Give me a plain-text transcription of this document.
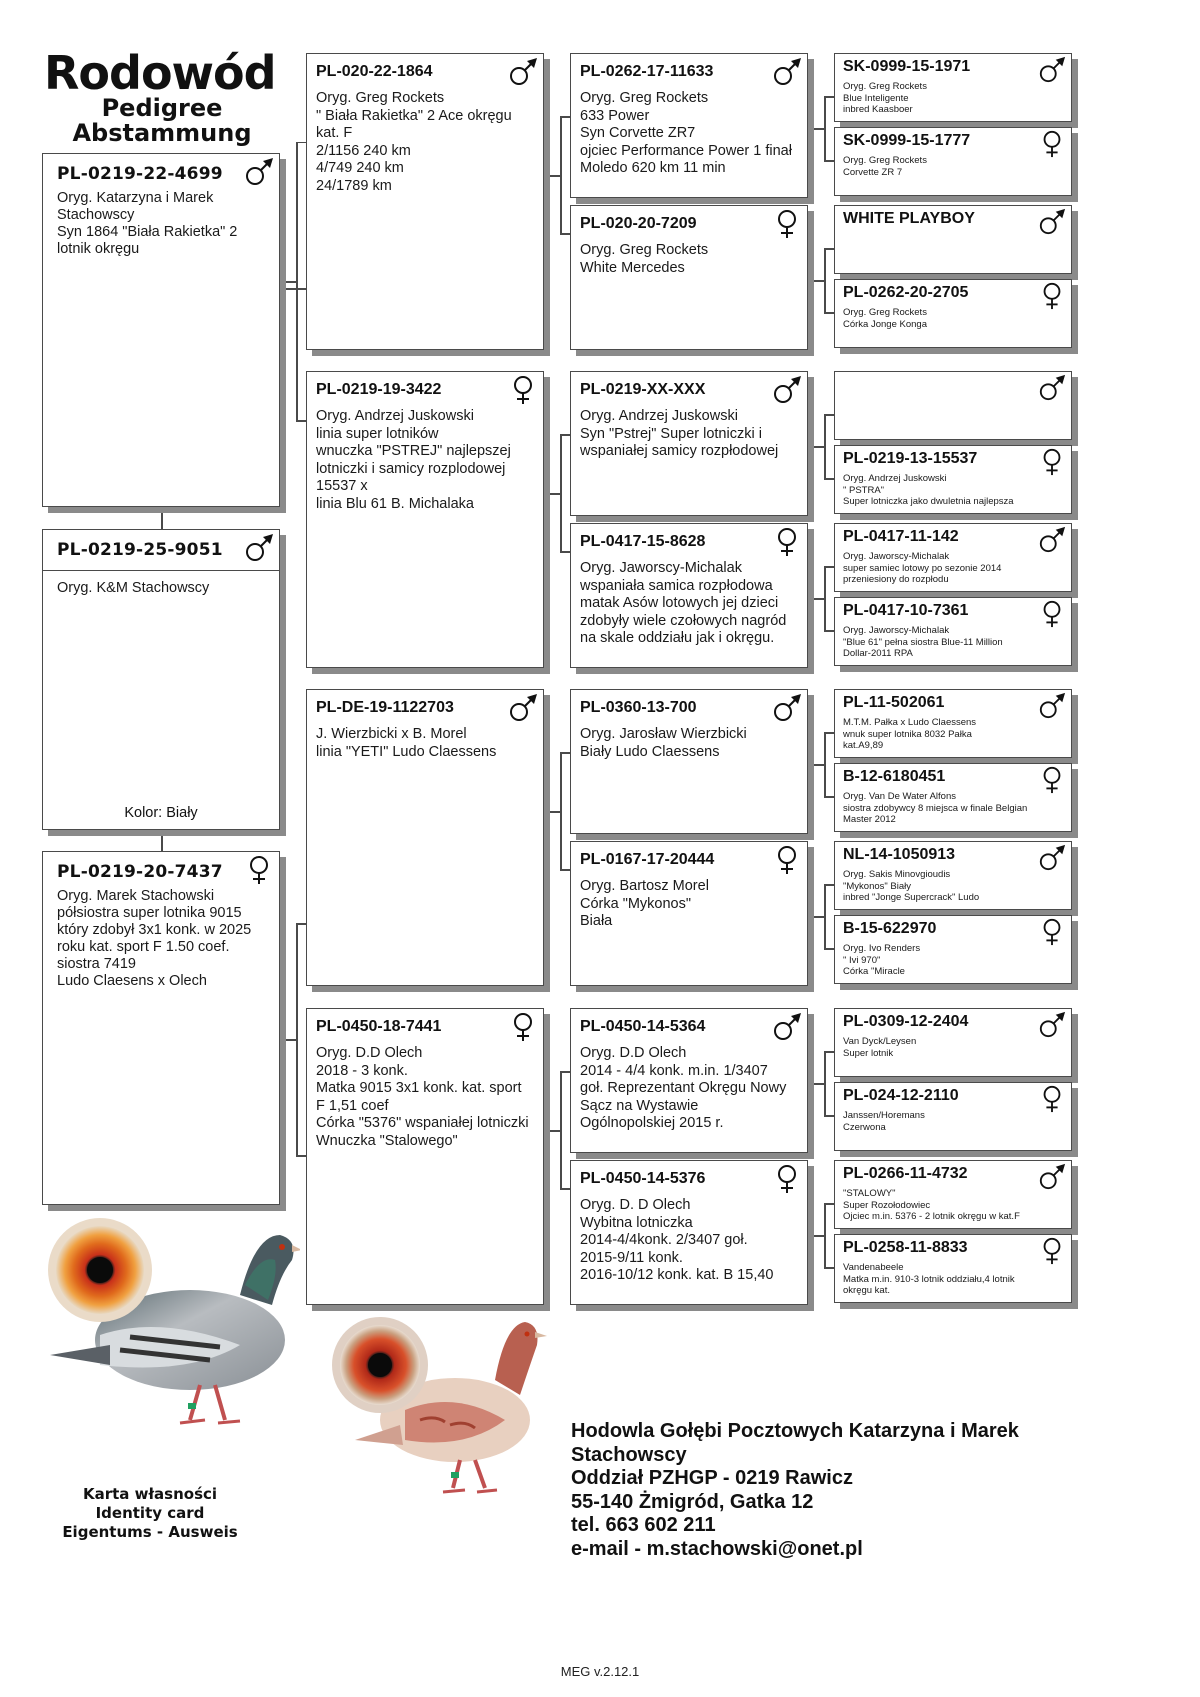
Rodowód
Pedigree
Abstammung
PL-0219-22-4699
Oryg. Katarzyna i Marek
Stachowscy
Syn 1864 "Biała Rakietka" 2
lotnik okręgu
PL-0219-25-9051
Oryg. K&M Stachowscy
Kolor: Biały
PL-0219-20-7437
Oryg. Marek Stachowski
półsiostra super lotnika 9015
który zdobył 3x1 konk. w 2025
roku kat. sport F 1.50 coef.
siostra 7419
Ludo Claesens x Olech
Karta własności
Identity card
Eigentums - Ausweis
Hodowla Gołębi Pocztowych Katarzyna i Marek
Stachowscy
Oddział PZHGP - 0219 Rawicz
55-140 Żmigród, Gatka 12
tel. 663 602 211
e-mail - m.stachowski@onet.pl
MEG v.2.12.1
PL-020-22-1864
Oryg. Greg Rockets
" Biała Rakietka" 2 Ace okręgu
kat. F
2/1156 240 km
4/749 240 km
24/1789 km
PL-0219-19-3422
Oryg. Andrzej Juskowski
linia super lotników
wnuczka "PSTREJ" najlepszej
lotniczki i samicy rozplodowej
15537 x
linia Blu 61 B. Michalaka
PL-DE-19-1122703
J. Wierzbicki x B. Morel
linia "YETI" Ludo Claessens
PL-0450-18-7441
Oryg. D.D Olech
2018 - 3 konk.
Matka 9015 3x1 konk. kat. sport
F 1,51 coef
Córka "5376" wspaniałej lotniczki
Wnuczka "Stalowego"
PL-0262-17-11633
Oryg. Greg Rockets
633 Power
Syn Corvette ZR7
ojciec Performance Power 1 finał
Moledo 620 km 11 min
PL-020-20-7209
Oryg. Greg Rockets
White Mercedes
PL-0219-XX-XXX
Oryg. Andrzej Juskowski
Syn "Pstrej" Super lotniczki i
wspaniałej samicy rozpłodowej
PL-0417-15-8628
Oryg. Jaworscy-Michalak
wspaniała samica rozpłodowa
matak Asów lotowych jej dzieci
zdobyły wiele czołowych nagród
na skale oddziału jak i okręgu.
PL-0360-13-700
Oryg. Jarosław Wierzbicki
Biały Ludo Claessens
PL-0167-17-20444
Oryg. Bartosz Morel
Córka "Mykonos"
Biała
PL-0450-14-5364
Oryg. D.D Olech
2014 - 4/4 konk. m.in. 1/3407
goł. Reprezentant Okręgu Nowy
Sącz na Wystawie
Ogólnopolskiej 2015 r.
PL-0450-14-5376
Oryg. D. D Olech
Wybitna lotniczka
2014-4/4konk. 2/3407 goł.
2015-9/11 konk.
2016-10/12 konk. kat. B 15,40
SK-0999-15-1971
Oryg. Greg Rockets
Blue Inteligente
inbred Kaasboer
SK-0999-15-1777
Oryg. Greg Rockets
Corvette ZR 7
WHITE PLAYBOY
PL-0262-20-2705
Oryg. Greg Rockets
Córka Jonge Konga
PL-0219-13-15537
Oryg. Andrzej Juskowski
" PSTRA"
Super lotniczka jako dwuletnia najlepsza
PL-0417-11-142
Oryg. Jaworscy-Michalak
super samiec lotowy po sezonie 2014
przeniesiony do rozpłodu
PL-0417-10-7361
Oryg. Jaworscy-Michalak
"Blue 61" pełna siostra Blue-11 Million
Dollar-2011 RPA
PL-11-502061
M.T.M. Pałka x Ludo Claessens
wnuk super lotnika 8032 Pałka
kat.A9,89
B-12-6180451
Oryg. Van De Water Alfons
siostra zdobywcy 8 miejsca w finale Belgian
Master 2012
NL-14-1050913
Oryg. Sakis Minovgioudis
"Mykonos" Biały
inbred "Jonge Supercrack" Ludo
B-15-622970
Oryg. Ivo Renders
" Ivi 970"
Córka "Miracle
PL-0309-12-2404
Van Dyck/Leysen
Super lotnik
PL-024-12-2110
Janssen/Horemans
Czerwona
PL-0266-11-4732
"STALOWY"
Super Rozołodowiec
Ojciec m.in. 5376 - 2 lotnik okręgu w kat.F
PL-0258-11-8833
Vandenabeele
Matka m.in. 910-3 lotnik oddziału,4 lotnik
okręgu kat.
